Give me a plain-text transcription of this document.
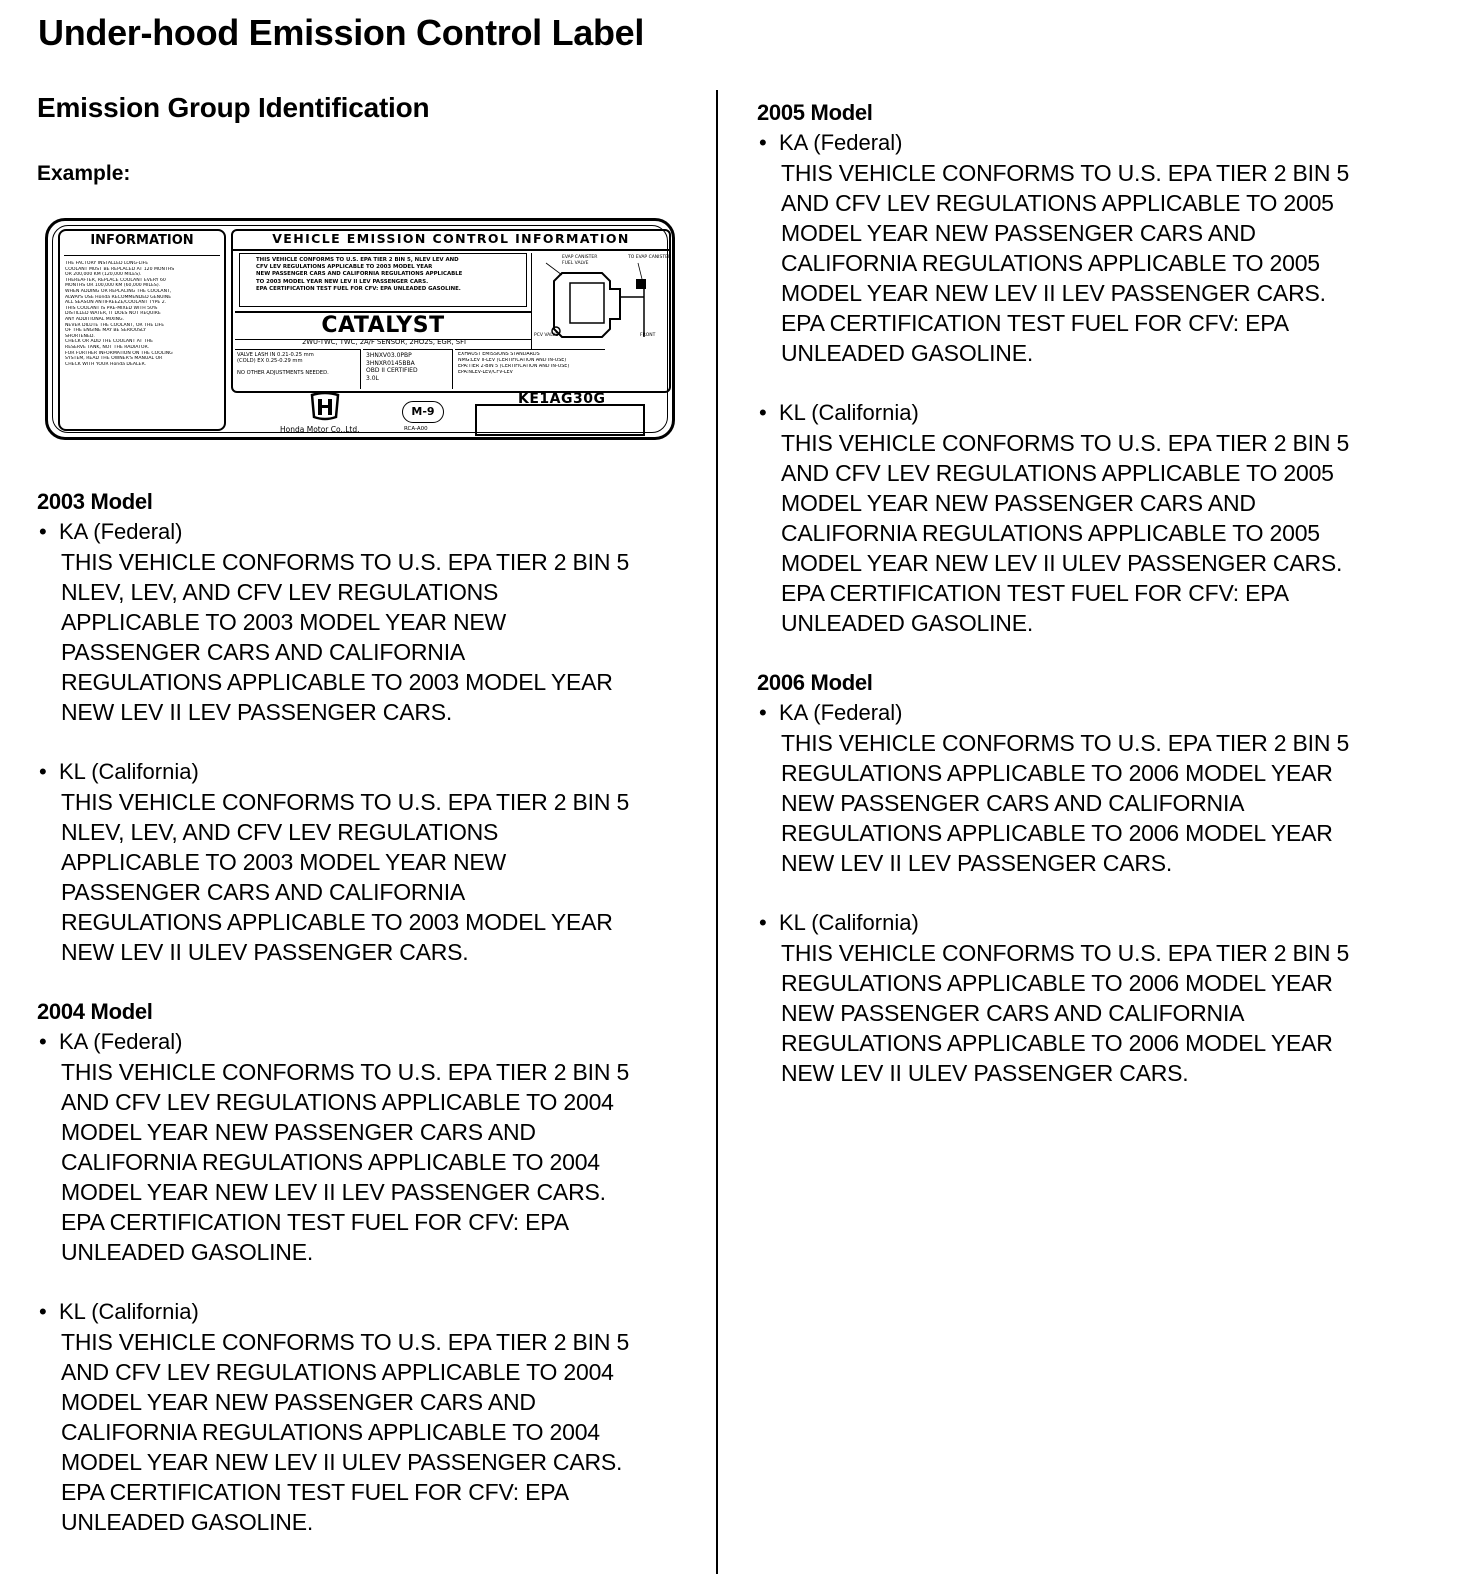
Under-hood Emission Control Label
Emission Group Identification

Example:

INFORMATION
THE FACTORY INSTALLED LONG-LIFE
COOLANT MUST BE REPLACED AT 120 MONTHS
OR 200,000 KM (120,000 MILES).
THEREAFTER, REPLACE COOLANT EVERY 60
MONTHS OR 100,000 KM (60,000 MILES).
WHEN ADDING OR REPLACING THE COOLANT,
ALWAYS USE Honda RECOMMENDED GENUINE
ALL SEASON ANTIFREEZE/COOLANT TYPE 2.
THIS COOLANT IS PRE-MIXED WITH 50%
DISTILLED WATER, IT DOES NOT REQUIRE
ANY ADDITIONAL MIXING.
NEVER DILUTE THE COOLANT, OR THE LIFE
OF THE ENGINE MAY BE SERIOUSLY
SHORTENED.
CHECK OR ADD THE COOLANT AT THE
RESERVE TANK, NOT THE RADIATOR.
FOR FURTHER INFORMATION ON THE COOLING
SYSTEM, READ THE OWNER'S MANUAL OR
CHECK WITH YOUR Honda DEALER.
VEHICLE EMISSION CONTROL INFORMATION
THIS VEHICLE CONFORMS TO U.S. EPA TIER 2 BIN 5, NLEV LEV AND
CFV LEV REGULATIONS APPLICABLE TO 2003 MODEL YEAR
NEW PASSENGER CARS AND CALIFORNIA REGULATIONS APPLICABLE
TO 2003 MODEL YEAR NEW LEV II LEV PASSENGER CARS.
EPA CERTIFICATION TEST FUEL FOR CFV: EPA UNLEADED GASOLINE.
CATALYST
2WU-TWC, TWC, 2A/F SENSOR, 2HO2S, EGR, SFI
VALVE LASH IN 0.21-0.25 mm
(COLD) EX 0.25-0.29 mm

NO OTHER ADJUSTMENTS NEEDED.
3HNXV03.0PBP
3HNXR0145BBA
OBD II CERTIFIED
3.0L
EXHAUST EMISSIONS STANDARDS
NMG:LEV II-LEV (CERTIFICATION AND IN-USE)
EPA:TIER 2-BIN 5 (CERTIFICATION AND IN-USE)
EPA:NLEV-LEV/CFV-LEV
EVAP CANISTER
FUEL VALVE
TO EVAP CANISTER
PCV VALVE	FRONT
Honda Motor Co.,Ltd.
M-9
RCA-A00
KE1AG30G

2003 Model

• KA (Federal)

THIS VEHICLE CONFORMS TO U.S. EPA TIER 2 BIN 5
NLEV, LEV, AND CFV LEV REGULATIONS
APPLICABLE TO 2003 MODEL YEAR NEW
PASSENGER CARS AND CALIFORNIA
REGULATIONS APPLICABLE TO 2003 MODEL YEAR
NEW LEV II LEV PASSENGER CARS.

• KL (California)

THIS VEHICLE CONFORMS TO U.S. EPA TIER 2 BIN 5
NLEV, LEV, AND CFV LEV REGULATIONS
APPLICABLE TO 2003 MODEL YEAR NEW
PASSENGER CARS AND CALIFORNIA
REGULATIONS APPLICABLE TO 2003 MODEL YEAR
NEW LEV II ULEV PASSENGER CARS.

2004 Model

• KA (Federal)

THIS VEHICLE CONFORMS TO U.S. EPA TIER 2 BIN 5
AND CFV LEV REGULATIONS APPLICABLE TO 2004
MODEL YEAR NEW PASSENGER CARS AND
CALIFORNIA REGULATIONS APPLICABLE TO 2004
MODEL YEAR NEW LEV II LEV PASSENGER CARS.
EPA CERTIFICATION TEST FUEL FOR CFV: EPA
UNLEADED GASOLINE.

• KL (California)

THIS VEHICLE CONFORMS TO U.S. EPA TIER 2 BIN 5
AND CFV LEV REGULATIONS APPLICABLE TO 2004
MODEL YEAR NEW PASSENGER CARS AND
CALIFORNIA REGULATIONS APPLICABLE TO 2004
MODEL YEAR NEW LEV II ULEV PASSENGER CARS.
EPA CERTIFICATION TEST FUEL FOR CFV: EPA
UNLEADED GASOLINE.

2005 Model

• KA (Federal)

THIS VEHICLE CONFORMS TO U.S. EPA TIER 2 BIN 5
AND CFV LEV REGULATIONS APPLICABLE TO 2005
MODEL YEAR NEW PASSENGER CARS AND
CALIFORNIA REGULATIONS APPLICABLE TO 2005
MODEL YEAR NEW LEV II LEV PASSENGER CARS.
EPA CERTIFICATION TEST FUEL FOR CFV: EPA
UNLEADED GASOLINE.

• KL (California)

THIS VEHICLE CONFORMS TO U.S. EPA TIER 2 BIN 5
AND CFV LEV REGULATIONS APPLICABLE TO 2005
MODEL YEAR NEW PASSENGER CARS AND
CALIFORNIA REGULATIONS APPLICABLE TO 2005
MODEL YEAR NEW LEV II ULEV PASSENGER CARS.
EPA CERTIFICATION TEST FUEL FOR CFV: EPA
UNLEADED GASOLINE.

2006 Model

• KA (Federal)

THIS VEHICLE CONFORMS TO U.S. EPA TIER 2 BIN 5
REGULATIONS APPLICABLE TO 2006 MODEL YEAR
NEW PASSENGER CARS AND CALIFORNIA
REGULATIONS APPLICABLE TO 2006 MODEL YEAR
NEW LEV II LEV PASSENGER CARS.

• KL (California)

THIS VEHICLE CONFORMS TO U.S. EPA TIER 2 BIN 5
REGULATIONS APPLICABLE TO 2006 MODEL YEAR
NEW PASSENGER CARS AND CALIFORNIA
REGULATIONS APPLICABLE TO 2006 MODEL YEAR
NEW LEV II ULEV PASSENGER CARS.
